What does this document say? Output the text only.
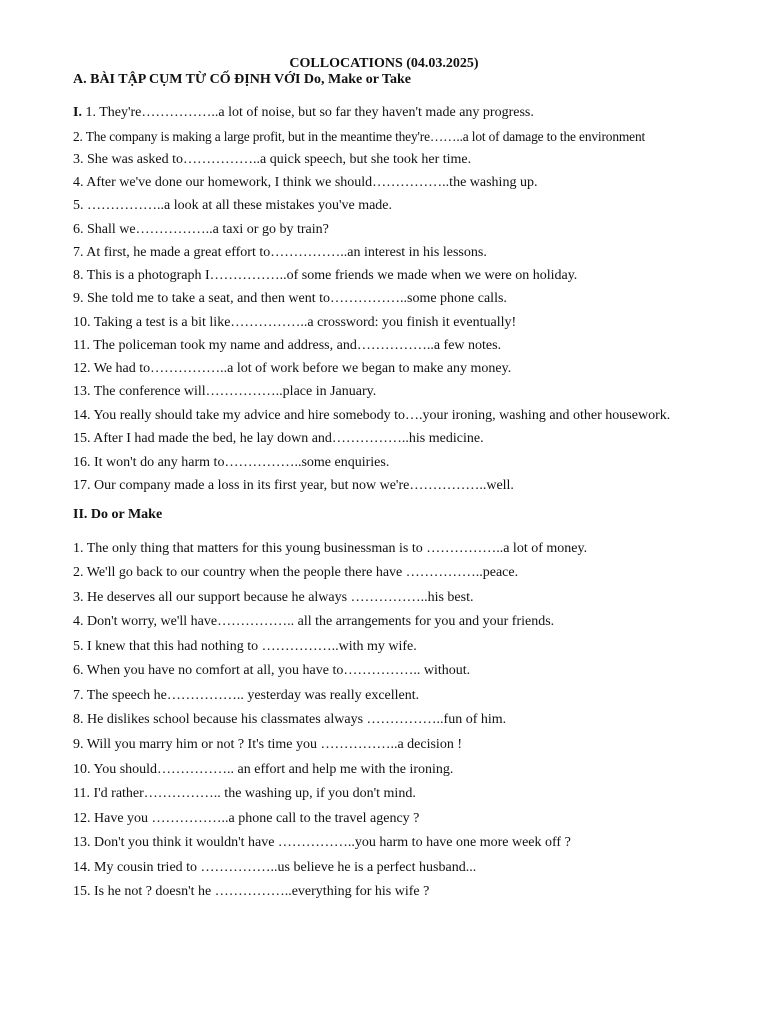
COLLOCATIONS (04.03.2025)
A. BÀI TẬP CỤM TỪ CỐ ĐỊNH VỚI Do, Make or Take
I. 1. They're……………..a lot of noise, but so far they haven't made any progress.
2. The company is making a large profit, but in the meantime they're……..a lot of damage to the environment
3. She was asked to……………..a quick speech, but she took her time.
4. After we've done our homework, I think we should……………..the washing up.
5. ……………..a look at all these mistakes you've made.
6. Shall we……………..a taxi or go by train?
7. At first, he made a great effort to……………..an interest in his lessons.
8. This is a photograph I……………..of some friends we made when we were on holiday.
9. She told me to take a seat, and then went to……………..some phone calls.
10. Taking a test is a bit like……………..a crossword: you finish it eventually!
11. The policeman took my name and address, and……………..a few notes.
12. We had to……………..a lot of work before we began to make any money.
13. The conference will……………..place in January.
14. You really should take my advice and hire somebody to….your ironing, washing and other housework.
15. After I had made the bed, he lay down and……………..his medicine.
16. It won't do any harm to……………..some enquiries.
17. Our company made a loss in its first year, but now we're……………..well.
II. Do or Make
1. The only thing that matters for this young businessman is to ……………..a lot of money.
2. We'll go back to our country when the people there have ……………..peace.
3. He deserves all our support because he always ……………..his best.
4. Don't worry, we'll have…………….. all the arrangements for you and your friends.
5. I knew that this had nothing to ……………..with my wife.
6. When you have no comfort at all, you have to…………….. without.
7. The speech he…………….. yesterday was really excellent.
8. He dislikes school because his classmates always ……………..fun of him.
9. Will you marry him or not ? It's time you ……………..a decision !
10. You should…………….. an effort and help me with the ironing.
11. I'd rather…………….. the washing up, if you don't mind.
12. Have you ……………..a phone call to the travel agency ?
13. Don't you think it wouldn't have ……………..you harm to have one more week off ?
14. My cousin tried to ……………..us believe he is a perfect husband...
15. Is he not ? doesn't he ……………..everything for his wife ?
